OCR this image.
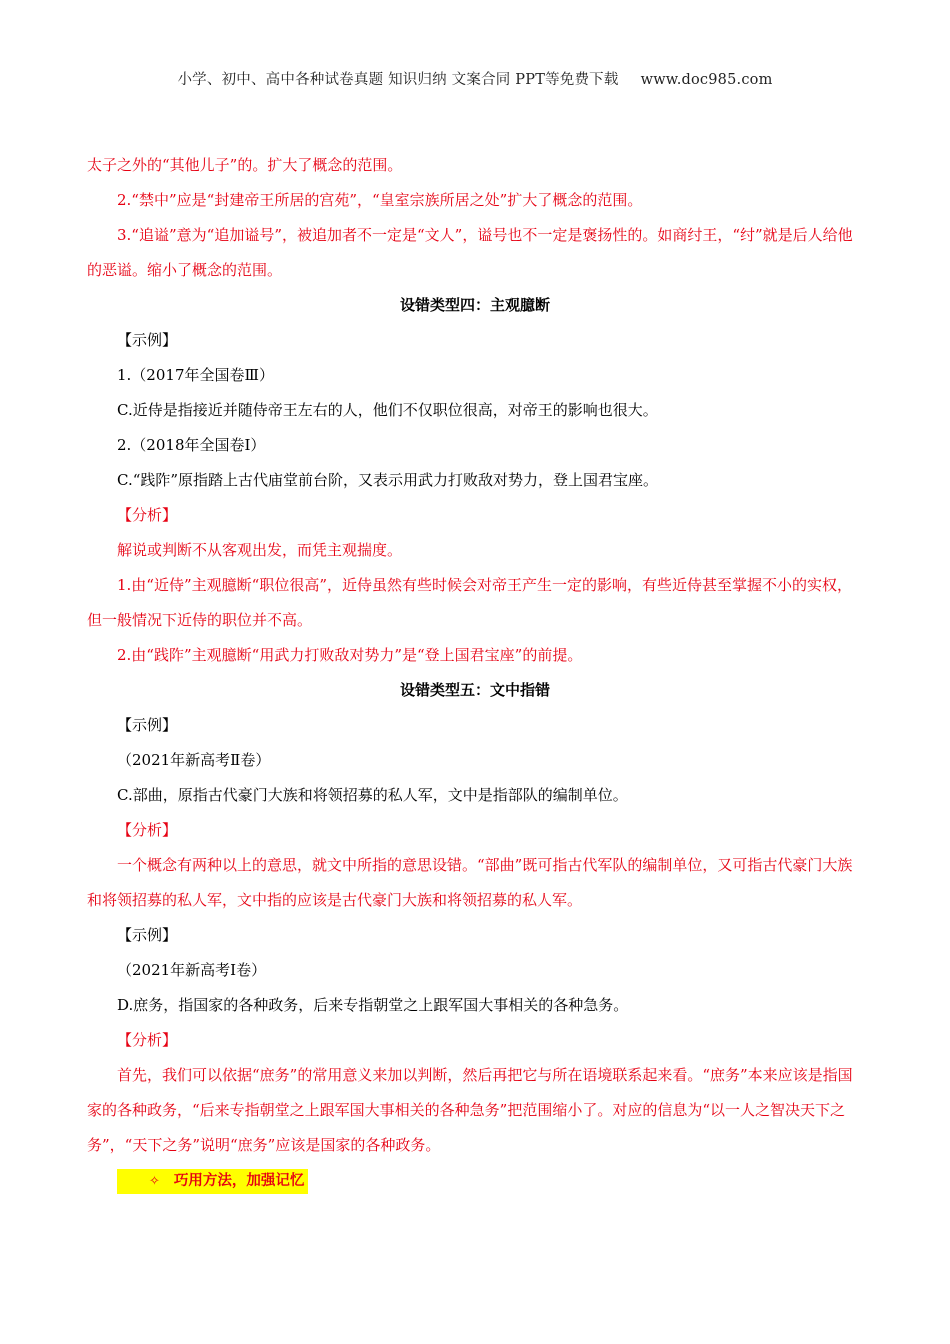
小学、初中、高中各种试卷真题 知识归纳 文案合同 PPT等免费下载 www.doc985.com

太子之外的“其他儿子”的。扩大了概念的范围。

2.“禁中”应是“封建帝王所居的宫苑”，“皇室宗族所居之处”扩大了概念的范围。

3.“追谥”意为“追加谥号”，被追加者不一定是“文人”，谥号也不一定是褒扬性的。如商纣王，“纣”就是后人给他的恶谥。缩小了概念的范围。

设错类型四：主观臆断

【示例】

1.（2017年全国卷Ⅲ）

C.近侍是指接近并随侍帝王左右的人，他们不仅职位很高，对帝王的影响也很大。

2.（2018年全国卷Ⅰ）

C.“践阼”原指踏上古代庙堂前台阶，又表示用武力打败敌对势力，登上国君宝座。

【分析】

解说或判断不从客观出发，而凭主观揣度。

1.由“近侍”主观臆断“职位很高”，近侍虽然有些时候会对帝王产生一定的影响，有些近侍甚至掌握不小的实权，但一般情况下近侍的职位并不高。

2.由“践阼”主观臆断“用武力打败敌对势力”是“登上国君宝座”的前提。

设错类型五：文中指错

【示例】

（2021年新高考Ⅱ卷）

C.部曲，原指古代豪门大族和将领招募的私人军，文中是指部队的编制单位。

【分析】

一个概念有两种以上的意思，就文中所指的意思设错。“部曲”既可指古代军队的编制单位，又可指古代豪门大族和将领招募的私人军，文中指的应该是古代豪门大族和将领招募的私人军。

【示例】

（2021年新高考Ⅰ卷）

D.庶务，指国家的各种政务，后来专指朝堂之上跟军国大事相关的各种急务。

【分析】

首先，我们可以依据“庶务”的常用意义来加以判断，然后再把它与所在语境联系起来看。“庶务”本来应该是指国家的各种政务，“后来专指朝堂之上跟军国大事相关的各种急务”把范围缩小了。对应的信息为“以一人之智决天下之务”，“天下之务”说明“庶务”应该是国家的各种政务。

✧ 巧用方法，加强记忆
